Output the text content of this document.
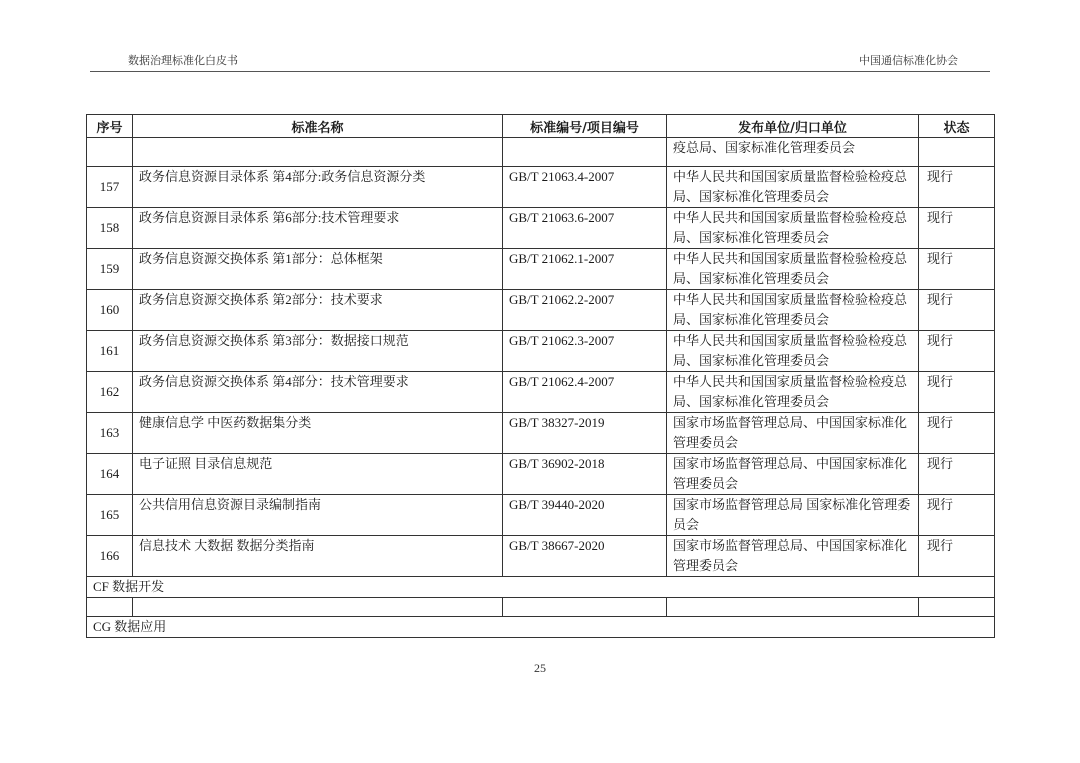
数据治理标准化白皮书	中国通信标准化协会
序号	标准名称	标准编号/项目编号	发布单位/归口单位	状态
			疫总局、国家标准化管理委员会	
157	政务信息资源目录体系 第4部分:政务信息资源分类	GB/T 21063.4-2007	中华人民共和国国家质量监督检验检疫总局、国家标准化管理委员会	现行
158	政务信息资源目录体系 第6部分:技术管理要求	GB/T 21063.6-2007	中华人民共和国国家质量监督检验检疫总局、国家标准化管理委员会	现行
159	政务信息资源交换体系 第1部分：总体框架	GB/T 21062.1-2007	中华人民共和国国家质量监督检验检疫总局、国家标准化管理委员会	现行
160	政务信息资源交换体系 第2部分：技术要求	GB/T 21062.2-2007	中华人民共和国国家质量监督检验检疫总局、国家标准化管理委员会	现行
161	政务信息资源交换体系 第3部分：数据接口规范	GB/T 21062.3-2007	中华人民共和国国家质量监督检验检疫总局、国家标准化管理委员会	现行
162	政务信息资源交换体系 第4部分：技术管理要求	GB/T 21062.4-2007	中华人民共和国国家质量监督检验检疫总局、国家标准化管理委员会	现行
163	健康信息学 中医药数据集分类	GB/T 38327-2019	国家市场监督管理总局、中国国家标准化管理委员会	现行
164	电子证照 目录信息规范	GB/T 36902-2018	国家市场监督管理总局、中国国家标准化管理委员会	现行
165	公共信用信息资源目录编制指南	GB/T 39440-2020	国家市场监督管理总局 国家标准化管理委员会	现行
166	信息技术 大数据 数据分类指南	GB/T 38667-2020	国家市场监督管理总局、中国国家标准化管理委员会	现行
CF 数据开发				

CG 数据应用				
25
